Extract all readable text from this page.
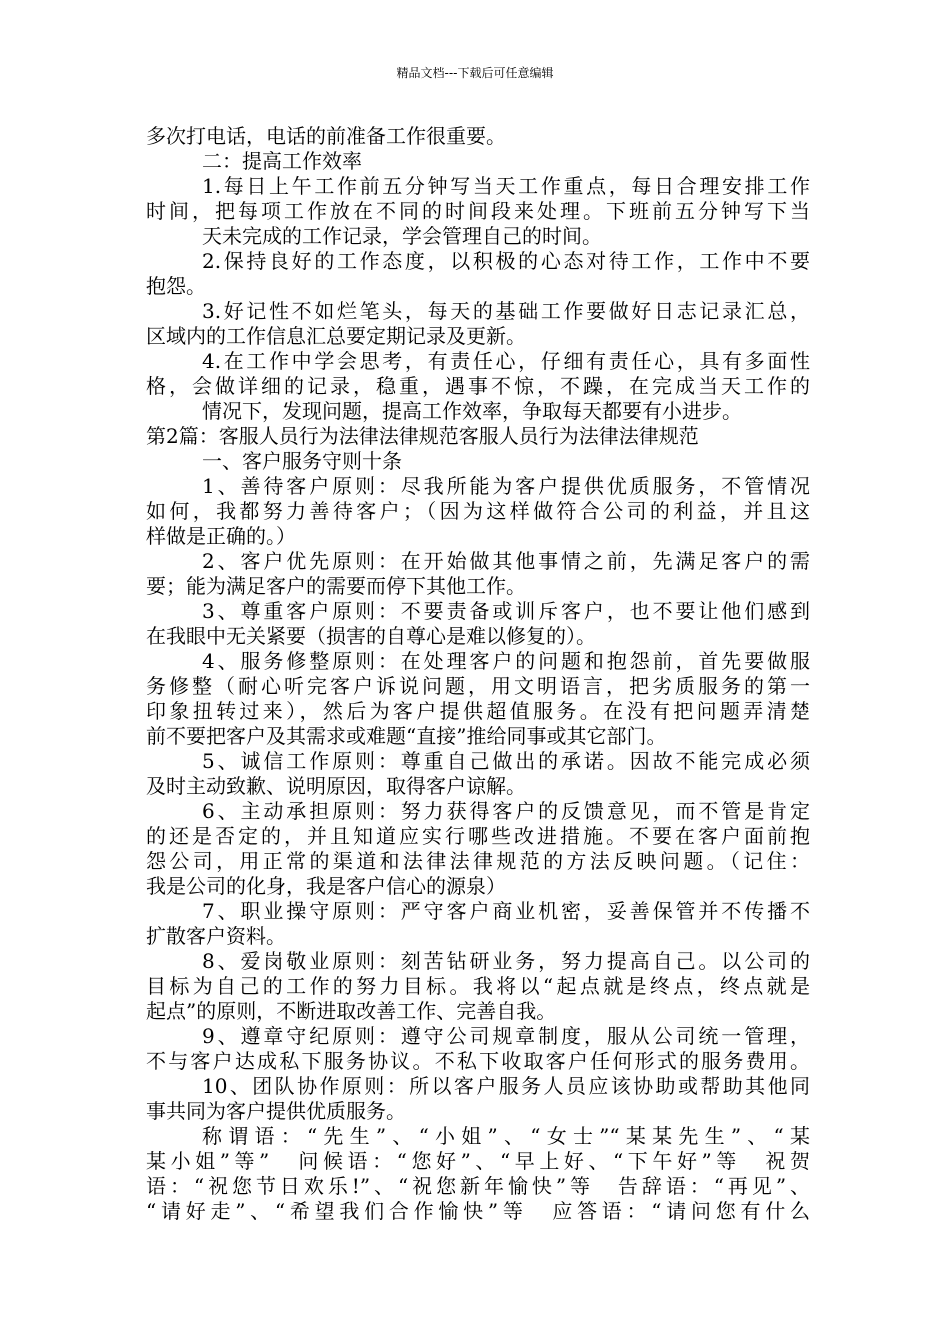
精品文档---下载后可任意编辑
多次打电话，电话的前准备工作很重要。
二：提高工作效率
1.每日上午工作前五分钟写当天工作重点，每日合理安排工作
时间，把每项工作放在不同的时间段来处理。下班前五分钟写下当
天未完成的工作记录，学会管理自己的时间。
2.保持良好的工作态度，以积极的心态对待工作，工作中不要
抱怨。
3.好记性不如烂笔头，每天的基础工作要做好日志记录汇总，
区域内的工作信息汇总要定期记录及更新。
4.在工作中学会思考，有责任心，仔细有责任心，具有多面性
格，会做详细的记录，稳重，遇事不惊，不躁，在完成当天工作的
情况下，发现问题，提高工作效率，争取每天都要有小进步。
第2篇：客服人员行为法律法律规范客服人员行为法律法律规范
一、客户服务守则十条
1、善待客户原则：尽我所能为客户提供优质服务，不管情况
如何，我都努力善待客户；（因为这样做符合公司的利益，并且这
样做是正确的。）
2、客户优先原则：在开始做其他事情之前，先满足客户的需
要；能为满足客户的需要而停下其他工作。
3、尊重客户原则：不要责备或训斥客户，也不要让他们感到
在我眼中无关紧要（损害的自尊心是难以修复的）。
4、服务修整原则：在处理客户的问题和抱怨前，首先要做服
务修整（耐心听完客户诉说问题，用文明语言，把劣质服务的第一
印象扭转过来），然后为客户提供超值服务。在没有把问题弄清楚
前不要把客户及其需求或难题“直接”推给同事或其它部门。
5、诚信工作原则：尊重自己做出的承诺。因故不能完成必须
及时主动致歉、说明原因，取得客户谅解。
6、主动承担原则：努力获得客户的反馈意见，而不管是肯定
的还是否定的，并且知道应实行哪些改进措施。不要在客户面前抱
怨公司，用正常的渠道和法律法律规范的方法反映问题。（记住：
我是公司的化身，我是客户信心的源泉）
7、职业操守原则：严守客户商业机密，妥善保管并不传播不
扩散客户资料。
8、爱岗敬业原则：刻苦钻研业务，努力提高自己。以公司的
目标为自己的工作的努力目标。我将以“起点就是终点，终点就是
起点”的原则，不断进取改善工作、完善自我。
9、遵章守纪原则：遵守公司规章制度，服从公司统一管理，
不与客户达成私下服务协议。不私下收取客户任何形式的服务费用。
10、团队协作原则：所以客户服务人员应该协助或帮助其他同
事共同为客户提供优质服务。
称谓语：“先生”、“小姐”、“女士”“某某先生”、“某
某小姐”等”　问候语：“您好”、“早上好、“下午好”等　祝贺
语：“祝您节日欢乐!”、“祝您新年愉快”等　告辞语：“再见”、
“请好走”、“希望我们合作愉快”等　应答语：“请问您有什么
